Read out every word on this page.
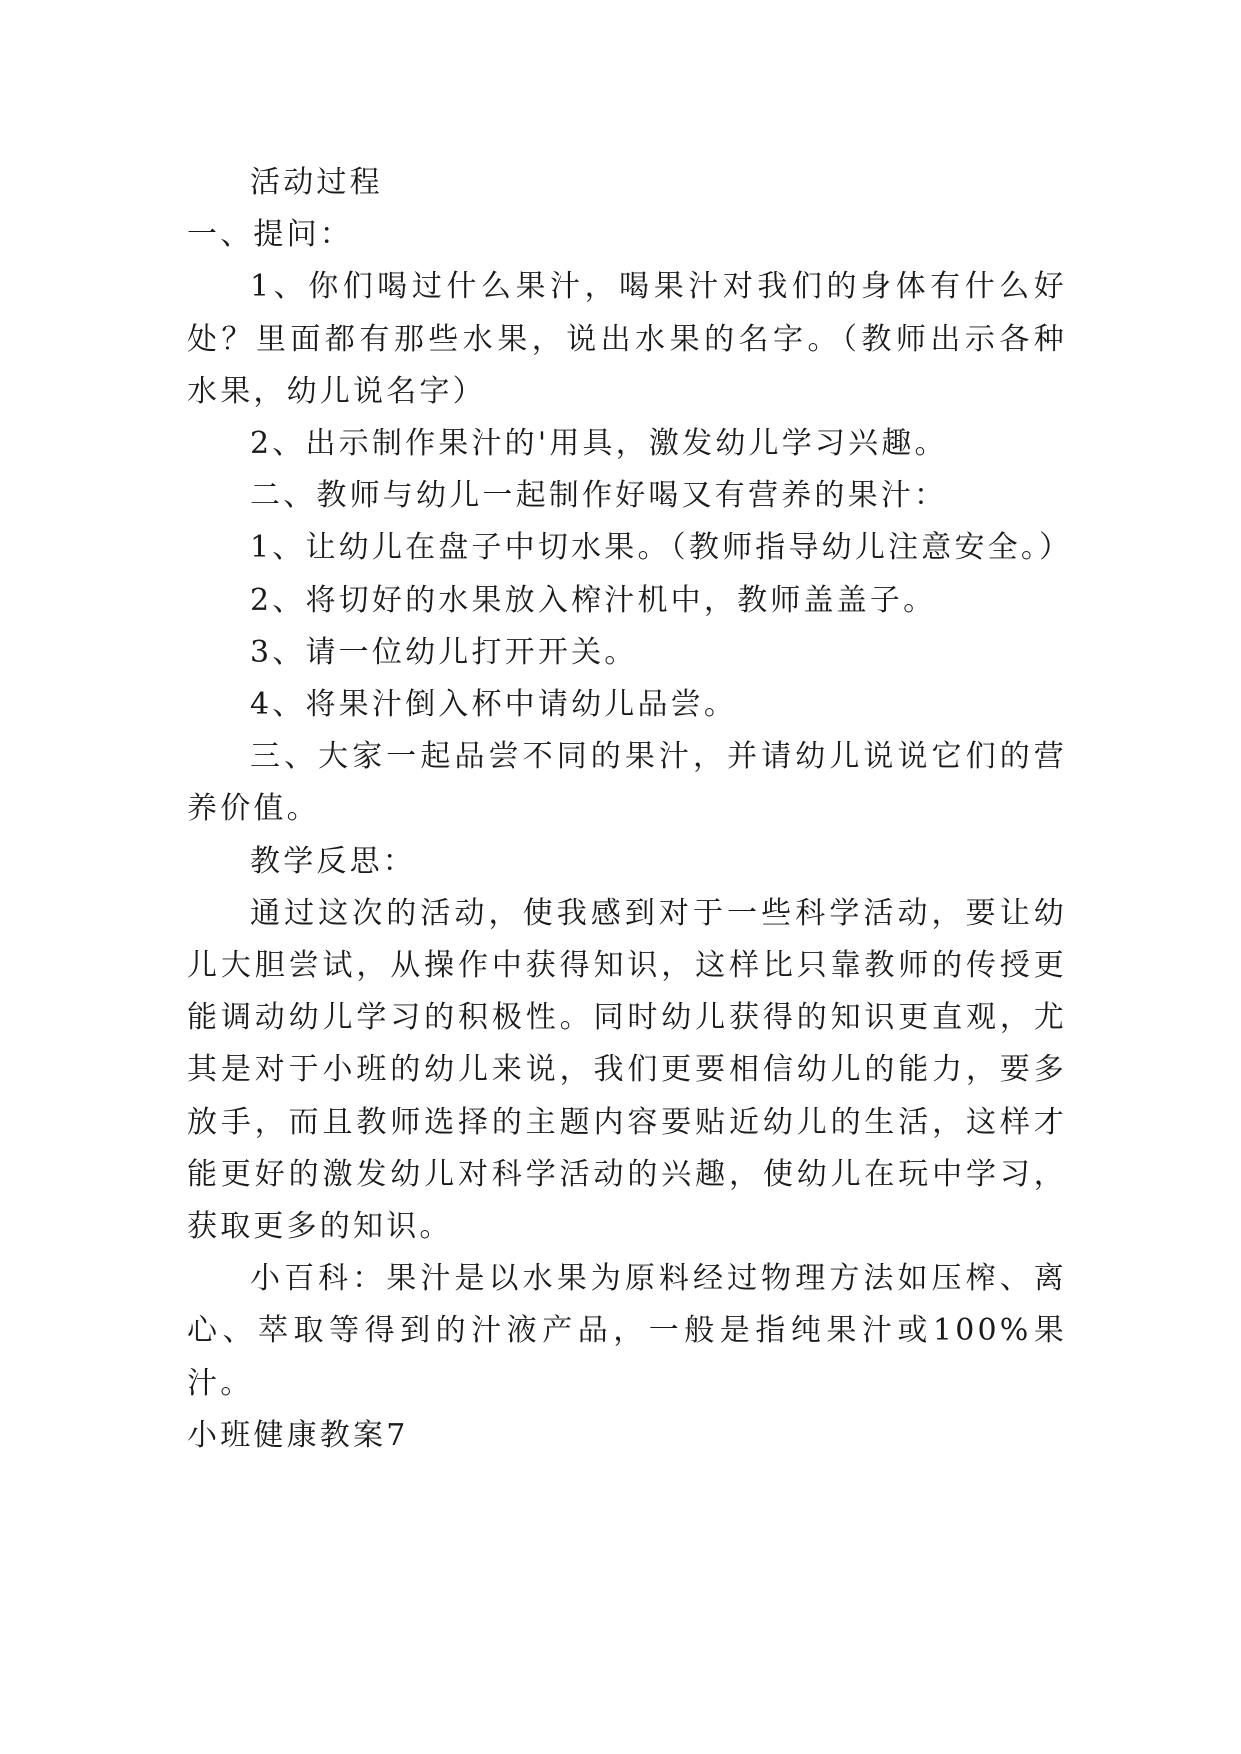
活动过程

一、提问：

1、你们喝过什么果汁，喝果汁对我们的身体有什么好处？里面都有那些水果，说出水果的名字。（教师出示各种水果，幼儿说名字）

2、出示制作果汁的'用具，激发幼儿学习兴趣。

二、教师与幼儿一起制作好喝又有营养的果汁：

1、让幼儿在盘子中切水果。（教师指导幼儿注意安全。）

2、将切好的水果放入榨汁机中，教师盖盖子。

3、请一位幼儿打开开关。

4、将果汁倒入杯中请幼儿品尝。

三、大家一起品尝不同的果汁，并请幼儿说说它们的营养价值。

教学反思：

通过这次的活动，使我感到对于一些科学活动，要让幼儿大胆尝试，从操作中获得知识，这样比只靠教师的传授更能调动幼儿学习的积极性。同时幼儿获得的知识更直观，尤其是对于小班的幼儿来说，我们更要相信幼儿的能力，要多放手，而且教师选择的主题内容要贴近幼儿的生活，这样才能更好的激发幼儿对科学活动的兴趣，使幼儿在玩中学习，获取更多的知识。

小百科：果汁是以水果为原料经过物理方法如压榨、离心、萃取等得到的汁液产品，一般是指纯果汁或100%果汁。

小班健康教案7
